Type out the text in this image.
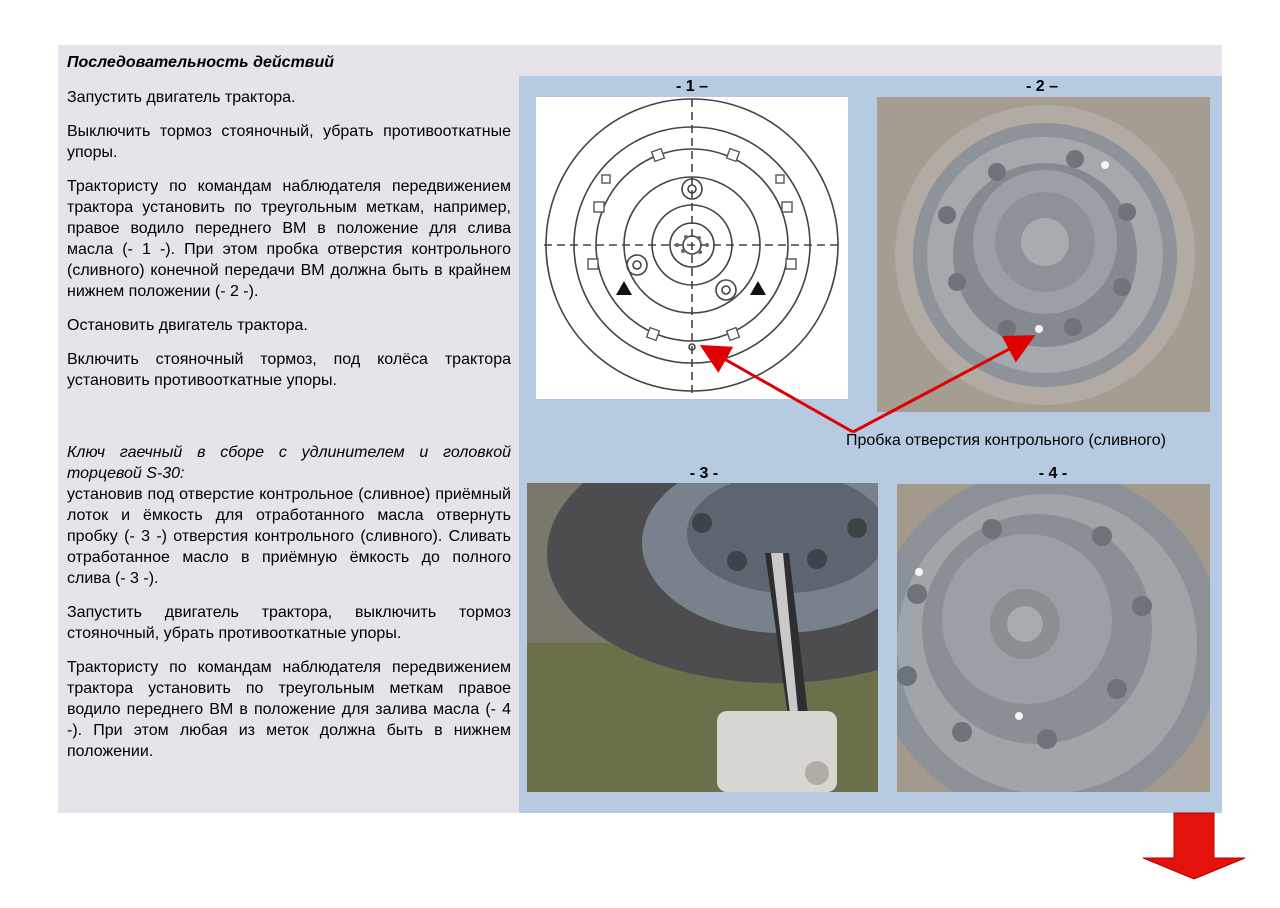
Последовательность действий

Запустить двигатель трактора.

Выключить тормоз стояночный, убрать противооткатные упоры.

Трактористу по командам наблюдателя передвижением трактора установить по треугольным меткам, например, правое водило переднего ВМ в положение для слива масла (- 1 -). При этом пробка отверстия контрольного (сливного) конечной передачи ВМ должна быть в крайнем нижнем положении (- 2 -).

Остановить двигатель трактора.

Включить стояночный тормоз, под колёса трактора установить противооткатные упоры.

Ключ гаечный в сборе с удлинителем и головкой торцевой S-30:

установив под отверстие контрольное (сливное) приёмный лоток и ёмкость для отработанного масла отвернуть пробку (- 3 -) отверстия контрольного (сливного). Сливать отработанное масло в приёмную ёмкость до полного слива (- 3 -).

Запустить двигатель трактора, выключить тормоз стояночный, убрать противооткатные упоры.

Трактористу по командам наблюдателя передвижением трактора установить по треугольным меткам правое водило переднего ВМ в положение для залива масла (- 4 -). При этом любая из меток должна быть в нижнем положении.

- 1 –	- 2 –
- 3 -	- 4 -
Пробка отверстия контрольного (сливного)
